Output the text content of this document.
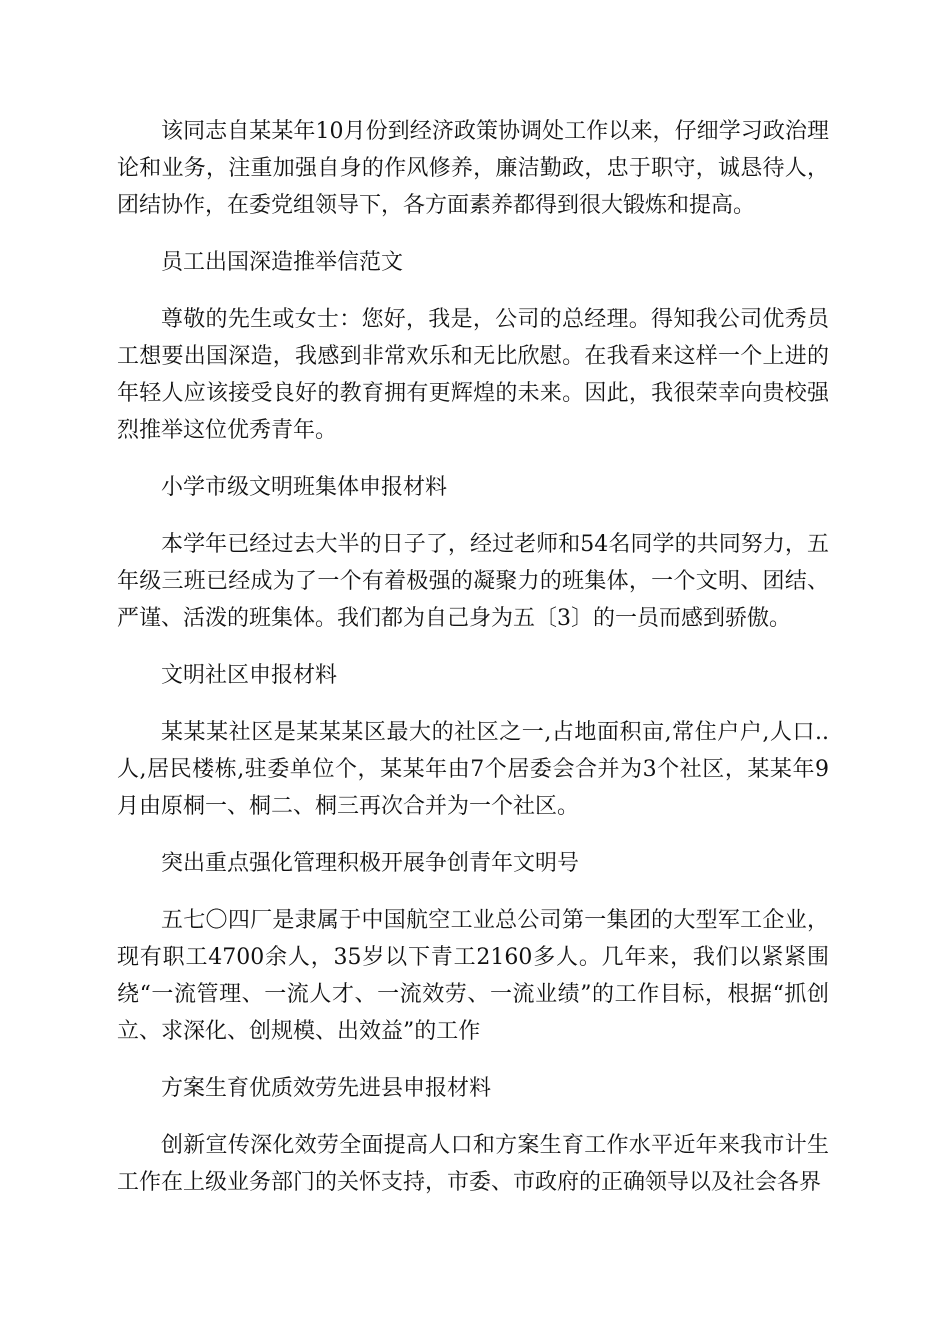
该同志自某某年10月份到经济政策协调处工作以来，仔细学习政治理论和业务，注重加强自身的作风修养，廉洁勤政，忠于职守，诚恳待人，团结协作，在委党组领导下，各方面素养都得到很大锻炼和提高。

员工出国深造推举信范文

尊敬的先生或女士：您好，我是，公司的总经理。得知我公司优秀员工想要出国深造，我感到非常欢乐和无比欣慰。在我看来这样一个上进的年轻人应该接受良好的教育拥有更辉煌的未来。因此，我很荣幸向贵校强烈推举这位优秀青年。

小学市级文明班集体申报材料

本学年已经过去大半的日子了，经过老师和54名同学的共同努力，五年级三班已经成为了一个有着极强的凝聚力的班集体，一个文明、团结、严谨、活泼的班集体。我们都为自己身为五〔3〕的一员而感到骄傲。

文明社区申报材料

某某某社区是某某某区最大的社区之一,占地面积亩,常住户户,人口..人,居民楼栋,驻委单位个，某某年由7个居委会合并为3个社区，某某年9月由原桐一、桐二、桐三再次合并为一个社区。

突出重点强化管理积极开展争创青年文明号

五七〇四厂是隶属于中国航空工业总公司第一集团的大型军工企业，现有职工4700余人，35岁以下青工2160多人。几年来，我们以紧紧围绕“一流管理、一流人才、一流效劳、一流业绩”的工作目标，根据“抓创立、求深化、创规模、出效益”的工作

方案生育优质效劳先进县申报材料

创新宣传深化效劳全面提高人口和方案生育工作水平近年来我市计生工作在上级业务部门的关怀支持，市委、市政府的正确领导以及社会各界
